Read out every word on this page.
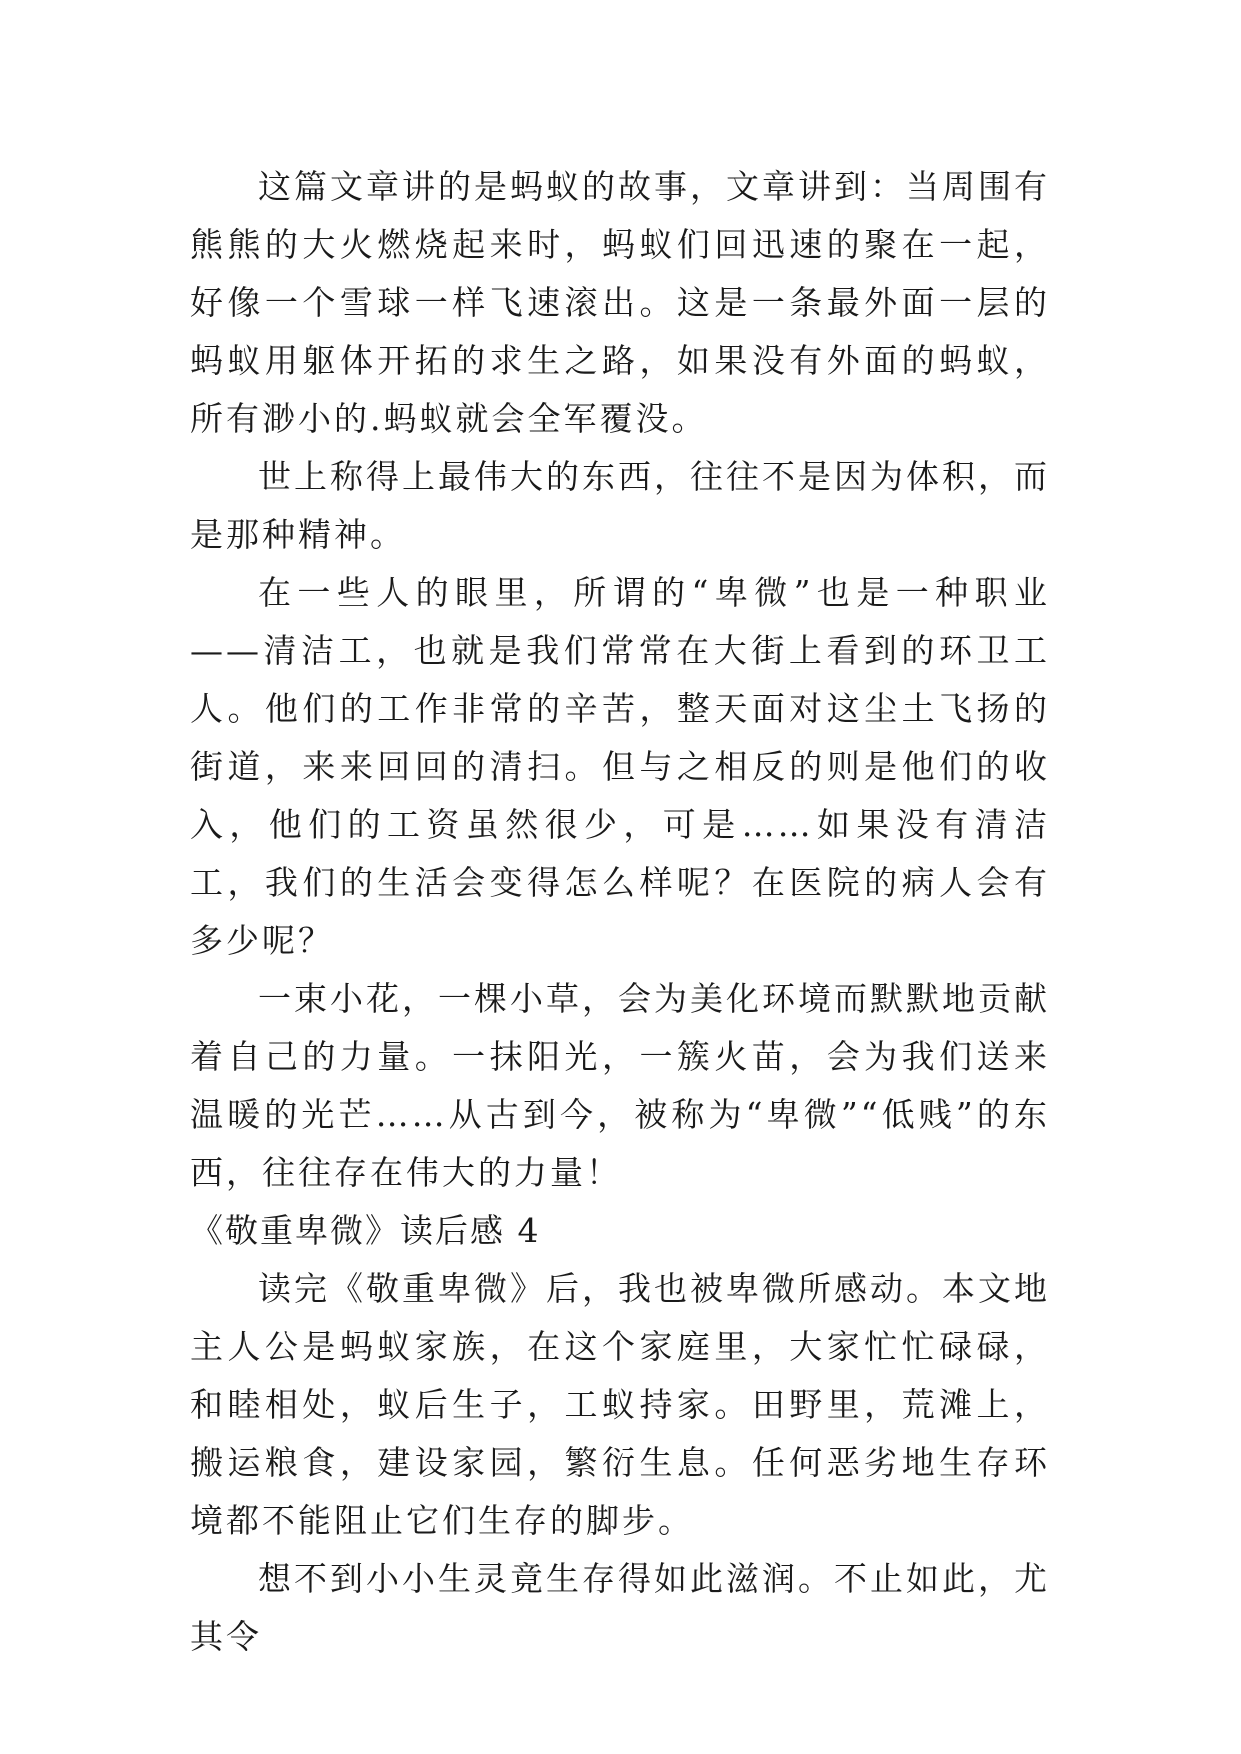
这篇文章讲的是蚂蚁的故事，文章讲到：当周围有熊熊的大火燃烧起来时，蚂蚁们回迅速的聚在一起，好像一个雪球一样飞速滚出。这是一条最外面一层的蚂蚁用躯体开拓的求生之路，如果没有外面的蚂蚁，所有渺小的.蚂蚁就会全军覆没。

世上称得上最伟大的东西，往往不是因为体积，而是那种精神。

在一些人的眼里，所谓的“卑微”也是一种职业——清洁工，也就是我们常常在大街上看到的环卫工人。他们的工作非常的辛苦，整天面对这尘土飞扬的街道，来来回回的清扫。但与之相反的则是他们的收入，他们的工资虽然很少，可是……如果没有清洁工，我们的生活会变得怎么样呢？在医院的病人会有多少呢？

一束小花，一棵小草，会为美化环境而默默地贡献着自己的力量。一抹阳光，一簇火苗，会为我们送来温暖的光芒……从古到今，被称为“卑微”“低贱”的东西，往往存在伟大的力量！

《敬重卑微》读后感 4

读完《敬重卑微》后，我也被卑微所感动。本文地主人公是蚂蚁家族，在这个家庭里，大家忙忙碌碌，和睦相处，蚁后生子，工蚁持家。田野里，荒滩上，搬运粮食，建设家园，繁衍生息。任何恶劣地生存环境都不能阻止它们生存的脚步。

想不到小小生灵竟生存得如此滋润。不止如此，尤其令
